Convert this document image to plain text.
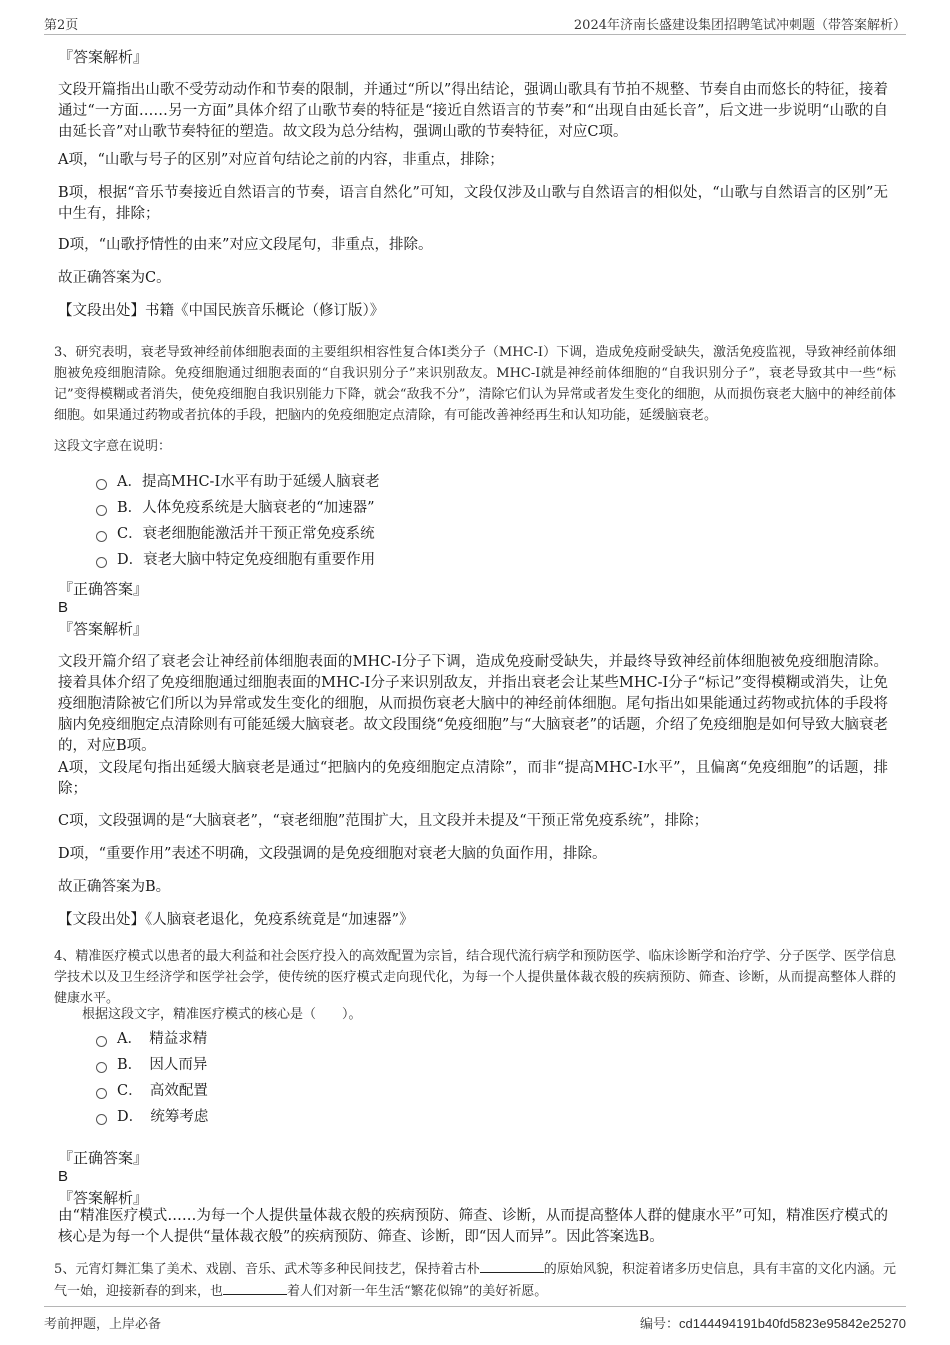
第2页	2024年济南长盛建设集团招聘笔试冲刺题（带答案解析）
『答案解析』
文段开篇指出山歌不受劳动动作和节奏的限制，并通过“所以”得出结论，强调山歌具有节拍不规整、节奏自由而悠长的特征，接着通过“一方面……另一方面”具体介绍了山歌节奏的特征是“接近自然语言的节奏”和“出现自由延长音”，后文进一步说明“山歌的自由延长音”对山歌节奏特征的塑造。故文段为总分结构，强调山歌的节奏特征，对应C项。
A项，“山歌与号子的区别”对应首句结论之前的内容，非重点，排除；
B项，根据“音乐节奏接近自然语言的节奏，语言自然化”可知，文段仅涉及山歌与自然语言的相似处，“山歌与自然语言的区别”无中生有，排除；
D项，“山歌抒情性的由来”对应文段尾句，非重点，排除。
故正确答案为C。
【文段出处】书籍《中国民族音乐概论（修订版）》
3、研究表明，衰老导致神经前体细胞表面的主要组织相容性复合体I类分子（MHC-I）下调，造成免疫耐受缺失，激活免疫监视，导致神经前体细胞被免疫细胞清除。免疫细胞通过细胞表面的“自我识别分子”来识别敌友。MHC-I就是神经前体细胞的“自我识别分子”，衰老导致其中一些“标记”变得模糊或者消失，使免疫细胞自我识别能力下降，就会“敌我不分”，清除它们认为异常或者发生变化的细胞，从而损伤衰老大脑中的神经前体细胞。如果通过药物或者抗体的手段，把脑内的免疫细胞定点清除，有可能改善神经再生和认知功能，延缓脑衰老。
这段文字意在说明：
A．提高MHC-I水平有助于延缓人脑衰老
B．人体免疫系统是大脑衰老的“加速器”
C．衰老细胞能激活并干预正常免疫系统
D．衰老大脑中特定免疫细胞有重要作用
『正确答案』
B
『答案解析』
文段开篇介绍了衰老会让神经前体细胞表面的MHC-I分子下调，造成免疫耐受缺失，并最终导致神经前体细胞被免疫细胞清除。接着具体介绍了免疫细胞通过细胞表面的MHC-I分子来识别敌友，并指出衰老会让某些MHC-I分子“标记”变得模糊或消失，让免疫细胞清除被它们所以为异常或发生变化的细胞，从而损伤衰老大脑中的神经前体细胞。尾句指出如果能通过药物或抗体的手段将脑内免疫细胞定点清除则有可能延缓大脑衰老。故文段围绕“免疫细胞”与“大脑衰老”的话题，介绍了免疫细胞是如何导致大脑衰老的，对应B项。
A项，文段尾句指出延缓大脑衰老是通过“把脑内的免疫细胞定点清除”，而非“提高MHC-I水平”，且偏离“免疫细胞”的话题，排除；
C项，文段强调的是“大脑衰老”，“衰老细胞”范围扩大，且文段并未提及“干预正常免疫系统”，排除；
D项，“重要作用”表述不明确，文段强调的是免疫细胞对衰老大脑的负面作用，排除。
故正确答案为B。
【文段出处】《人脑衰老退化，免疫系统竟是“加速器”》
4、精准医疗模式以患者的最大利益和社会医疗投入的高效配置为宗旨，结合现代流行病学和预防医学、临床诊断学和治疗学、分子医学、医学信息学技术以及卫生经济学和医学社会学，使传统的医疗模式走向现代化，为每一个人提供量体裁衣般的疾病预防、筛查、诊断，从而提高整体人群的健康水平。
根据这段文字，精准医疗模式的核心是（　　）。
A．　精益求精
B．　因人而异
C．　高效配置
D．　统筹考虑
『正确答案』
B
『答案解析』
由“精准医疗模式……为每一个人提供量体裁衣般的疾病预防、筛查、诊断，从而提高整体人群的健康水平”可知，精准医疗模式的核心是为每一个人提供“量体裁衣般”的疾病预防、筛查、诊断，即“因人而异”。因此答案选B。
5、元宵灯舞汇集了美术、戏剧、音乐、武术等多种民间技艺，保持着古朴	的原始风貌，积淀着诸多历史信息，具有丰富的文化内涵。元气一始，迎接新春的到来，也	着人们对新一年生活“繁花似锦”的美好祈愿。
考前押题，上岸必备	编号：cd144494191b40fd5823e95842e25270
